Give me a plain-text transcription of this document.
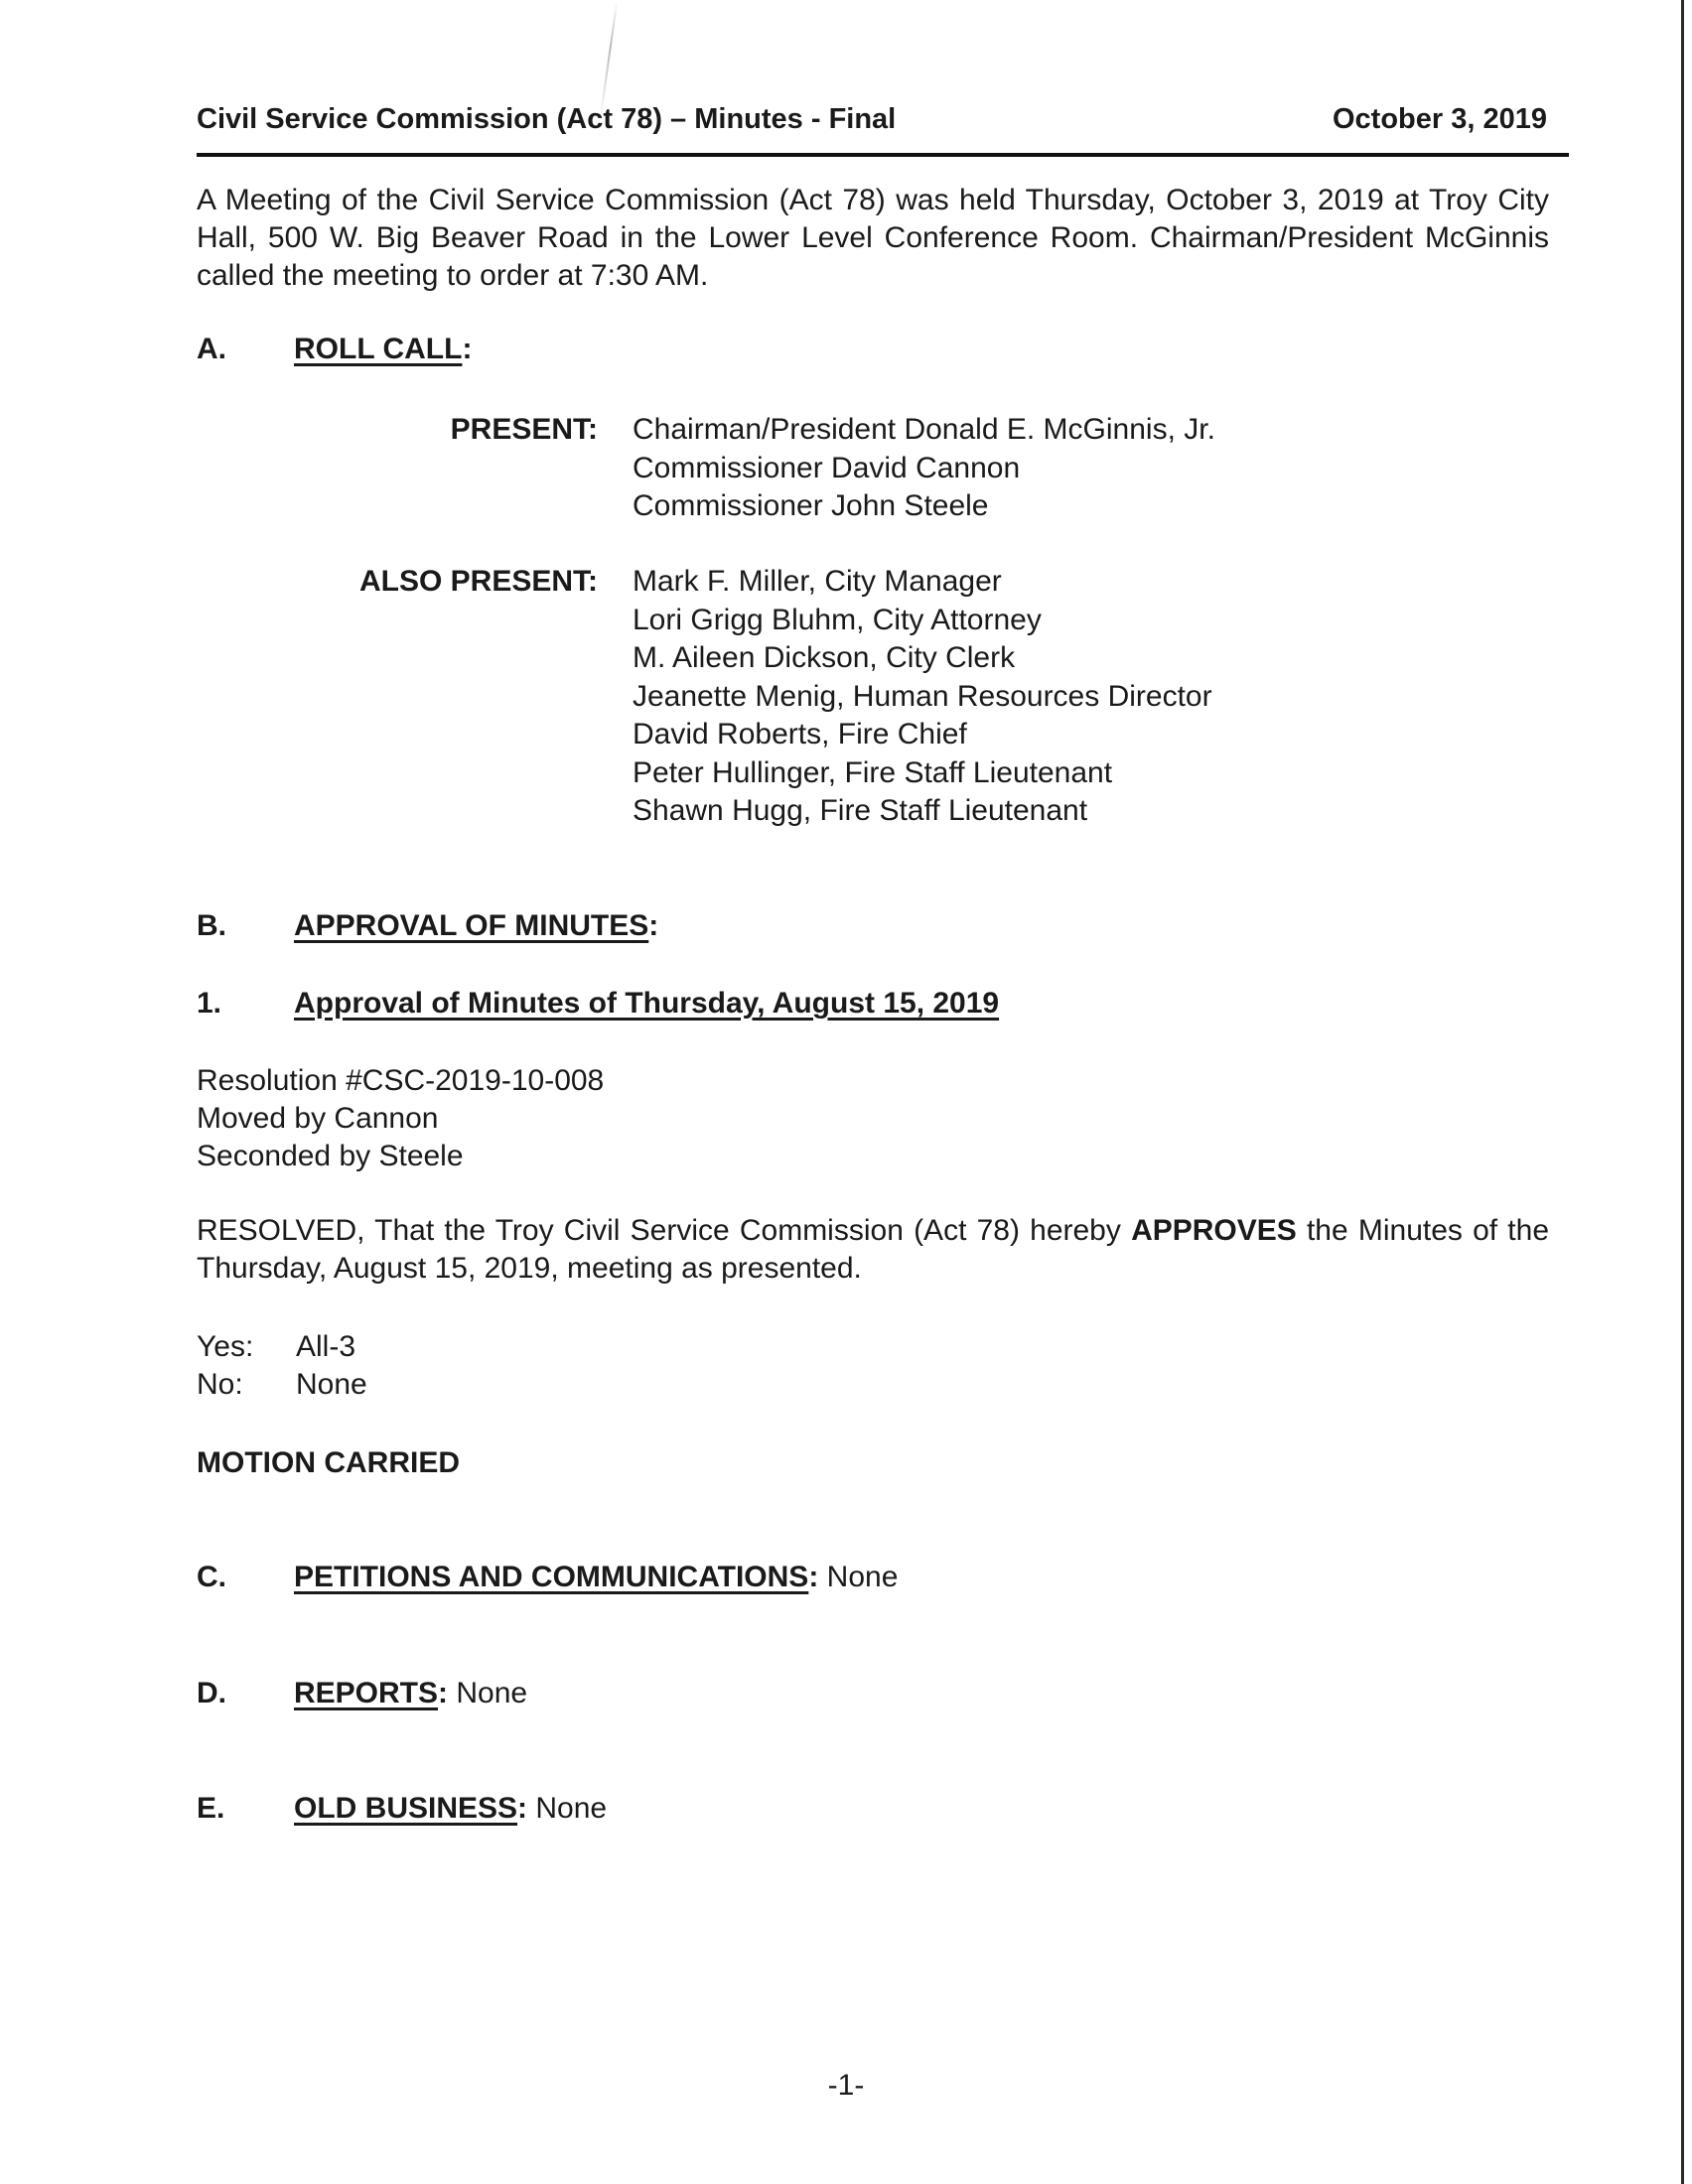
Civil Service Commission (Act 78) – Minutes - Final	October 3, 2019
A Meeting of the Civil Service Commission (Act 78) was held Thursday, October 3, 2019 at Troy City Hall, 500 W. Big Beaver Road in the Lower Level Conference Room. Chairman/President McGinnis called the meeting to order at 7:30 AM.
A. ROLL CALL:
PRESENT: Chairman/President Donald E. McGinnis, Jr.
Commissioner David Cannon
Commissioner John Steele
ALSO PRESENT: Mark F. Miller, City Manager
Lori Grigg Bluhm, City Attorney
M. Aileen Dickson, City Clerk
Jeanette Menig, Human Resources Director
David Roberts, Fire Chief
Peter Hullinger, Fire Staff Lieutenant
Shawn Hugg, Fire Staff Lieutenant
B. APPROVAL OF MINUTES:
1. Approval of Minutes of Thursday, August 15, 2019
Resolution #CSC-2019-10-008
Moved by Cannon
Seconded by Steele
RESOLVED, That the Troy Civil Service Commission (Act 78) hereby APPROVES the Minutes of the Thursday, August 15, 2019, meeting as presented.
Yes:	All-3
No:	None
MOTION CARRIED
C. PETITIONS AND COMMUNICATIONS: None
D. REPORTS: None
E. OLD BUSINESS: None
-1-
